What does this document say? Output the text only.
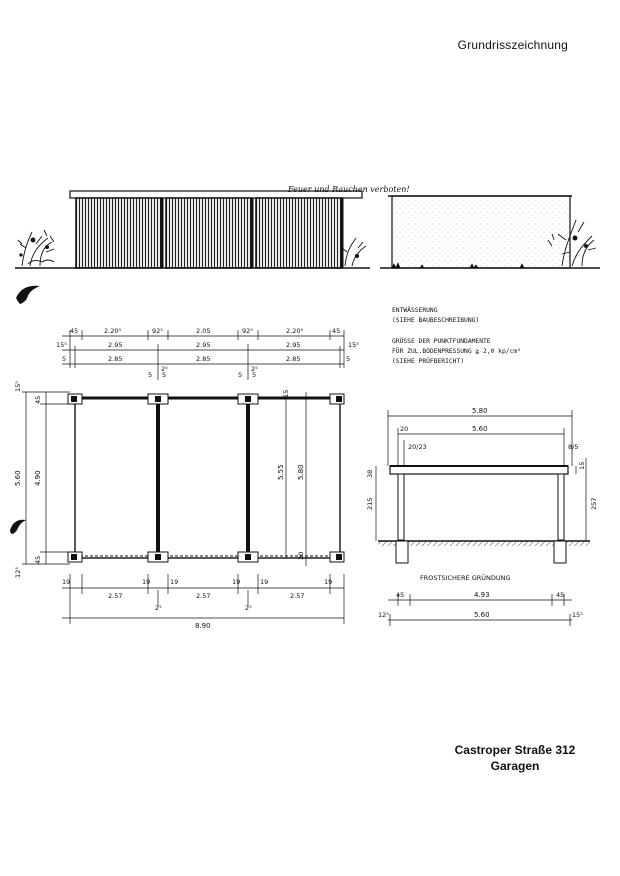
Grundrisszeichnung
Feuer und Rauchen verboten!
ENTWÄSSERUNG
(SIEHE BAUBESCHREIBUNG)
GRÖSSE DER PUNKTFUNDAMENTE
FÜR ZUL.BODENPRESSUNG ≧ 2,0 kp/cm²
(SIEHE PRÜFBERICHT)
45	2.20⁵	92⁵	2.05	92⁵	2.20⁵	45
15⁵	2.95	2.95	2.95	15⁵
5	2.85	2.85	2.85	5
5
2⁵
5	5
2⁵
5
5.60 4.90
15⁵
45
45
12⁵
5.55 5.80
20
15
19
2.57
19	19
2.57
19	19
2.57
19
2⁵	2⁵
8.90
5.80
5.60
20
20/23	8/5
215
38
257
15
FROSTSICHERE GRÜNDUNG
45	4.93	45
12⁵	5.60	15⁵
Castroper Straße 312
Garagen
